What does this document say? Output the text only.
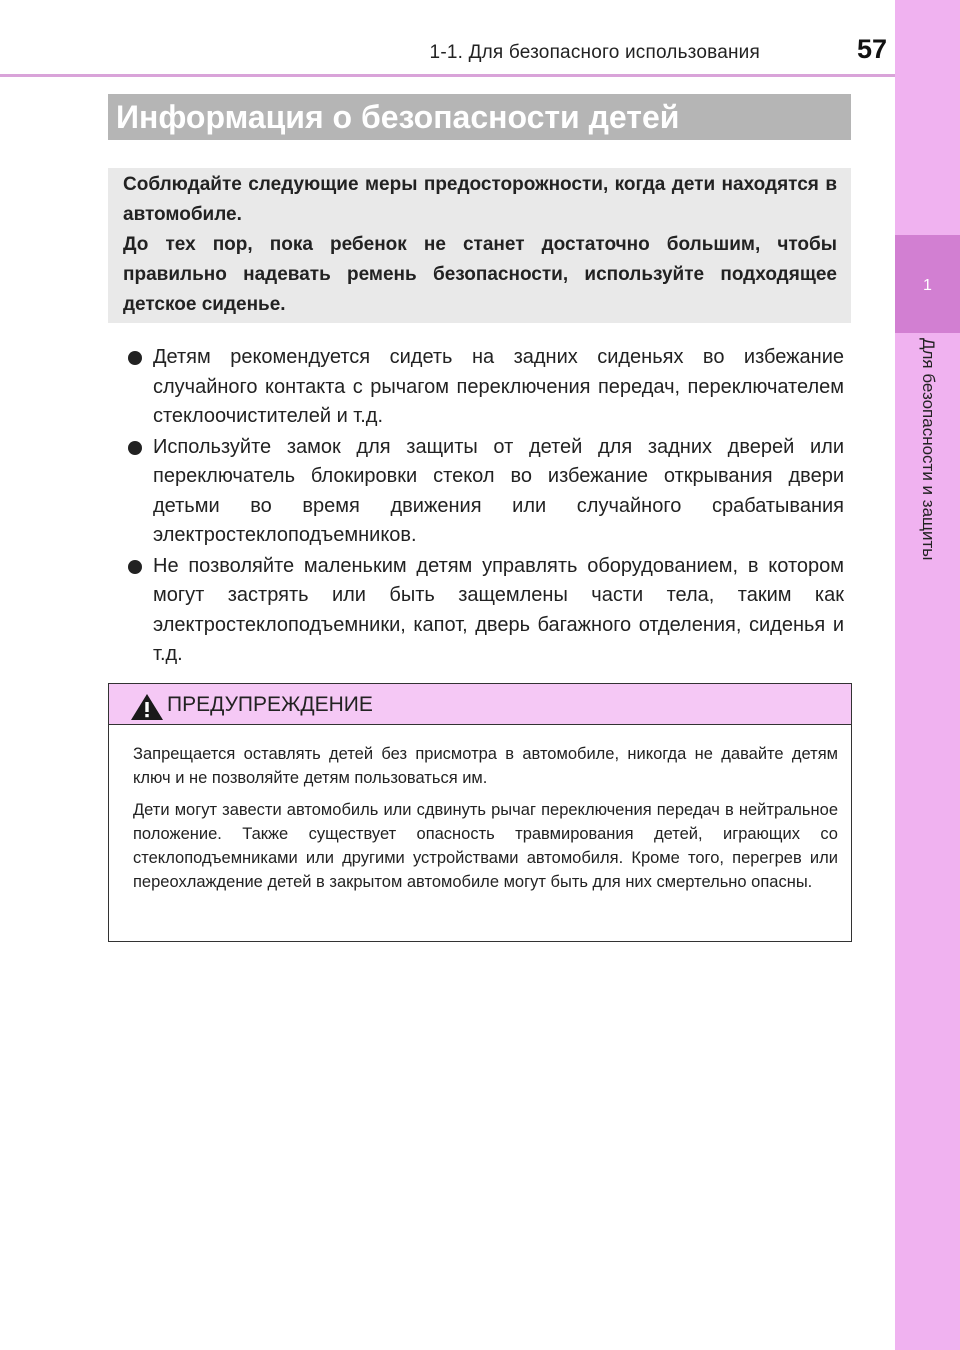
1-1. Для безопасного использования	57
1
Для безопасности и защиты
Информация о безопасности детей

Соблюдайте следующие меры предосторожности, когда дети находятся в автомобиле.

До тех пор, пока ребенок не станет достаточно большим, чтобы правильно надевать ремень безопасности, используйте подходящее детское сиденье.

Детям рекомендуется сидеть на задних сиденьях во избежание случайного контакта с рычагом переключения передач, переключателем стеклоочистителей и т.д.
Используйте замок для защиты от детей для задних дверей или переключатель блокировки стекол во избежание открывания двери детьми во время движения или случайного срабатывания электростеклоподъемников.
Не позволяйте маленьким детям управлять оборудованием, в котором могут застрять или быть защемлены части тела, таким как электростеклоподъемники, капот, дверь багажного отделения, сиденья и т.д.
ПРЕДУПРЕЖДЕНИЕ

Запрещается оставлять детей без присмотра в автомобиле, никогда не давайте детям ключ и не позволяйте детям пользоваться им.

Дети могут завести автомобиль или сдвинуть рычаг переключения передач в нейтральное положение. Также существует опасность травмирования детей, играющих со стеклоподъемниками или другими устройствами автомобиля. Кроме того, перегрев или переохлаждение детей в закрытом автомобиле могут быть для них смертельно опасны.
